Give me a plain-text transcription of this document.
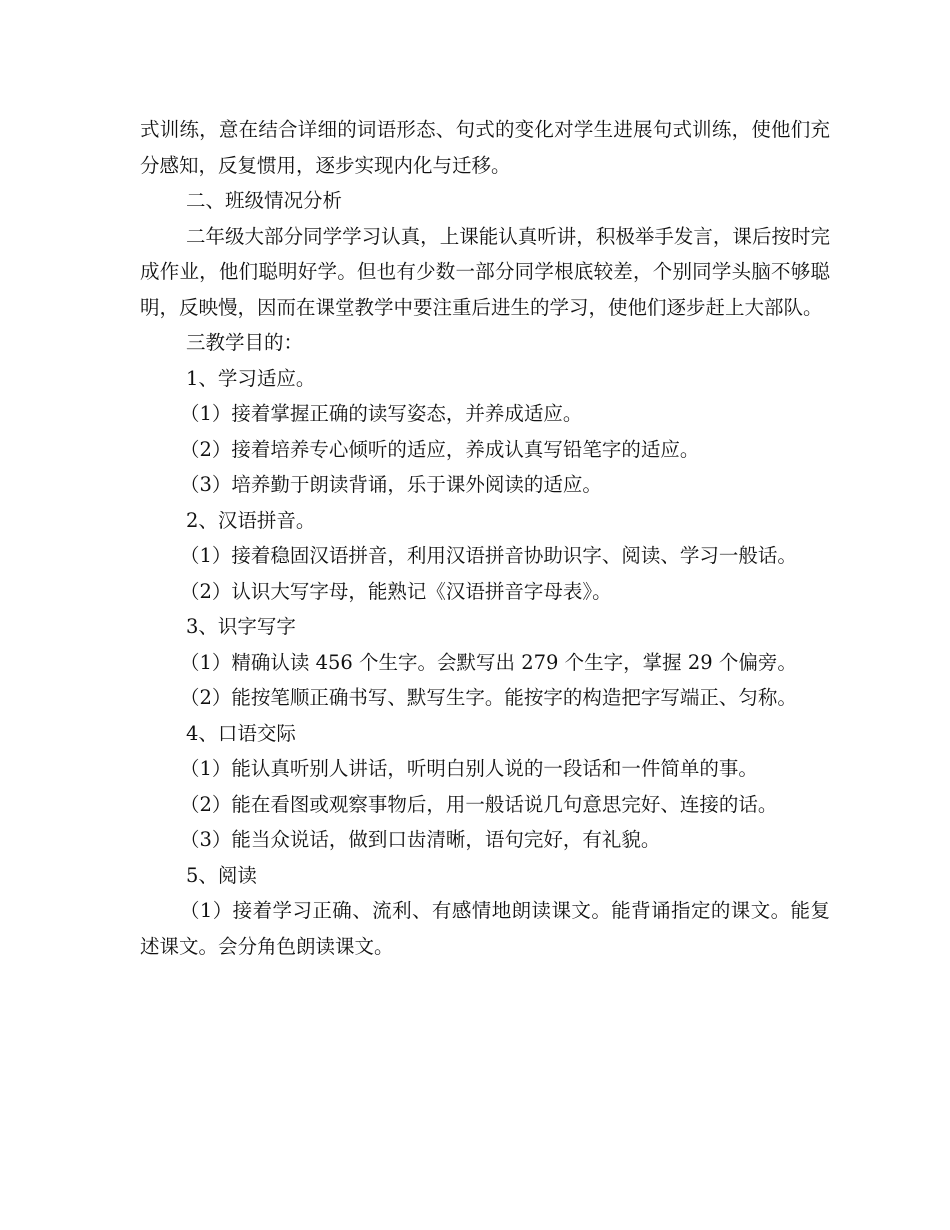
式训练，意在结合详细的词语形态、句式的变化对学生进展句式训练，使他们充分感知，反复惯用，逐步实现内化与迁移。

二、班级情况分析

二年级大部分同学学习认真，上课能认真听讲，积极举手发言，课后按时完成作业，他们聪明好学。但也有少数一部分同学根底较差，个别同学头脑不够聪明，反映慢，因而在课堂教学中要注重后进生的学习，使他们逐步赶上大部队。

三教学目的：

1、学习适应。

（1）接着掌握正确的读写姿态，并养成适应。

（2）接着培养专心倾听的适应，养成认真写铅笔字的适应。

（3）培养勤于朗读背诵，乐于课外阅读的适应。

2、汉语拼音。

（1）接着稳固汉语拼音，利用汉语拼音协助识字、阅读、学习一般话。

（2）认识大写字母，能熟记《汉语拼音字母表》。

3、识字写字

（1）精确认读 456 个生字。会默写出 279 个生字，掌握 29 个偏旁。

（2）能按笔顺正确书写、默写生字。能按字的构造把字写端正、匀称。

4、口语交际

（1）能认真听别人讲话，听明白别人说的一段话和一件简单的事。

（2）能在看图或观察事物后，用一般话说几句意思完好、连接的话。

（3）能当众说话，做到口齿清晰，语句完好，有礼貌。

5、阅读

（1）接着学习正确、流利、有感情地朗读课文。能背诵指定的课文。能复述课文。会分角色朗读课文。
